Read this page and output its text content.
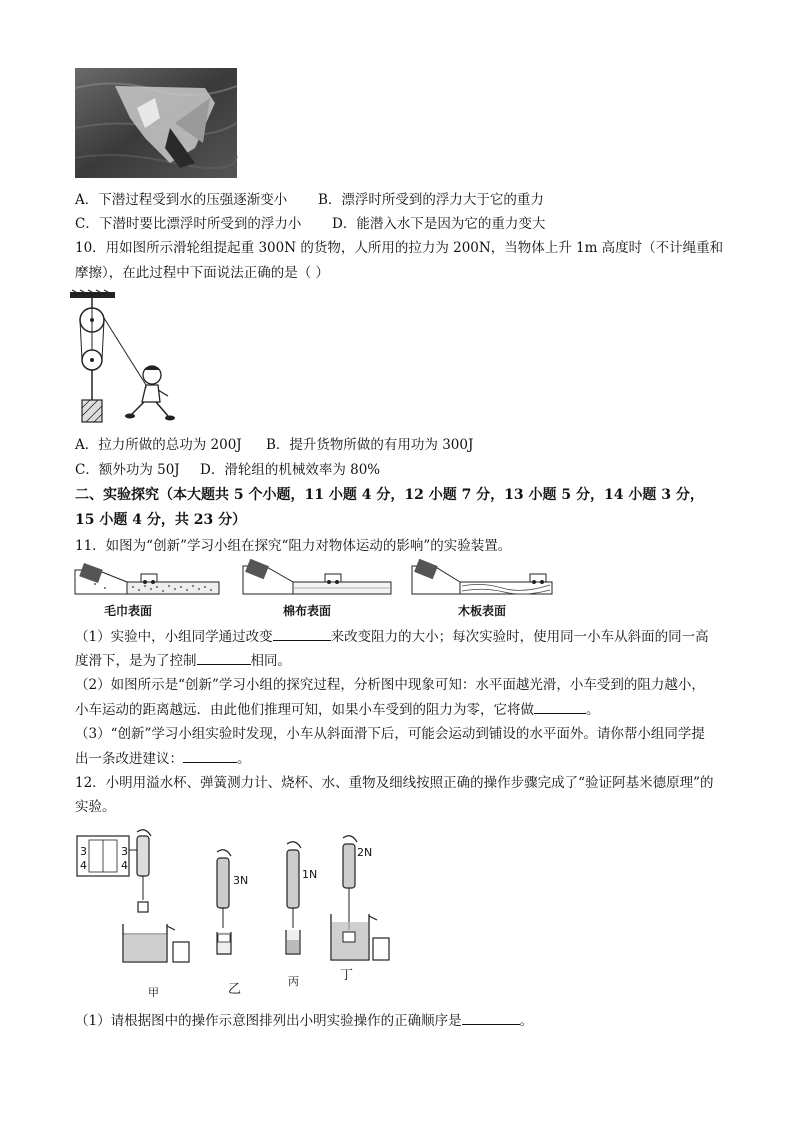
A．下潜过程受到水的压强逐渐变小 B．漂浮时所受到的浮力大于它的重力
C．下潜时要比漂浮时所受到的浮力小 D．能潜入水下是因为它的重力变大
10．用如图所示滑轮组提起重 300N 的货物，人所用的拉力为 200N，当物体上升 1m 高度时（不计绳重和
摩擦），在此过程中下面说法正确的是（ ）
A．拉力所做的总功为 200J B．提升货物所做的有用功为 300J
C．额外功为 50J D．滑轮组的机械效率为 80%
二、实验探究（本大题共 5 个小题，11 小题 4 分，12 小题 7 分，13 小题 5 分，14 小题 3 分，
15 小题 4 分，共 23 分）
11．如图为“创新”学习小组在探究“阻力对物体运动的影响”的实验装置。
毛巾表面	棉布表面	木板表面
（1）实验中，小组同学通过改变	来改变阻力的大小；每次实验时，使用同一小车从斜面的同一高
度滑下，是为了控制	相同。
（2）如图所示是“创新”学习小组的探究过程，分析图中现象可知：水平面越光滑，小车受到的阻力越小，
小车运动的距离越远．由此他们推理可知，如果小车受到的阻力为零，它将做	。
（3）“创新”学习小组实验时发现，小车从斜面滑下后，可能会运动到铺设的水平面外。请你帮小组同学提
出一条改进建议：	。
12．小明用溢水杯、弹簧测力计、烧杯、水、重物及细线按照正确的操作步骤完成了“验证阿基米德原理”的
实验。
3
4
3
4
3N	1N
2N
甲	乙
丙	丁
（1）请根据图中的操作示意图排列出小明实验操作的正确顺序是	。
